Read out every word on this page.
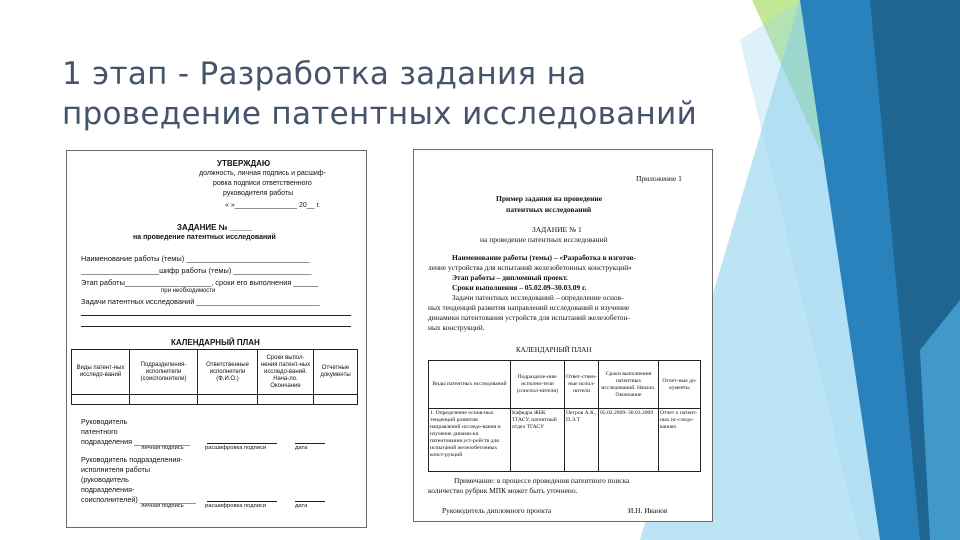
1 этап - Разработка задания на
проведение патентных исследований
УТВЕРЖДАЮ
должность, личная подпись и расшиф-
ровка подписи ответственного
руководителя работы
« »________________ 20__ г.
ЗАДАНИЕ № _____
на проведение патентных исследований
Наименование работы (темы) ______________________________
___________________шифр работы (темы) ___________________
Этап работы_____________________, сроки его выполнения ______
при необходимости
Задачи патентных исследований ______________________________
КАЛЕНДАРНЫЙ ПЛАН
Виды патент-ных исследо-ваний	Подразделения-исполнители (соисполнители)	Ответственные исполнители (Ф.И.О.)	Сроки выпол-нения патент-ных исследо-ваний. Нача-ло. Окончание	Отчетные документы

Руководитель
патентного
подразделения ______________
личная подпись	расшифровка подписи	дата
Руководитель подразделения-
исполнителя работы
(руководитель
подразделения-
соисполнителей) ______________
личная подпись	расшифровка подписи	дата
Приложение 1
Пример задания на проведение
патентных исследований
ЗАДАНИЕ № 1
на проведение патентных исследований
Наименование работы (темы) – «Разработка в изготов-
ление устройства для испытаний железобетонных конструкций»
Этап работы – дипломный проект.
Сроки выполнения – 05.02.09–30.03.09 г.
Задачи патентных исследований – определение основ-
ных тенденций развития направлений исследований и изучение
динамики патентования устройств для испытаний железобетон-
ных конструкций.
КАЛЕНДАРНЫЙ ПЛАН
Виды патентных исследований	Подразделе-ния-исполни-тели (соиспол-нители)	Ответ-ствен-ные испол-нители	Сроки выполнения патентных исследований. Начало. Окончание	Отчет-ные до-кументы
1. Определение основ-ных тенденций развития направлений исследо-вания и изучение динами-ки патентования уст-ройств для испытаний железобетонных конст-рукций	Кафедра ЖБК ТГАСУ, патентный отдел ТГАСУ	Петров А.К., П.Э.Т	05.02.2009–30.03.2009	Отчет о патент-ных ис-следо-ваниях
Примечание: в процессе проведения патентного поиска
количество рубрик МПК может быть уточнено.
Руководитель дипломного проекта	И.Н. Иванов
